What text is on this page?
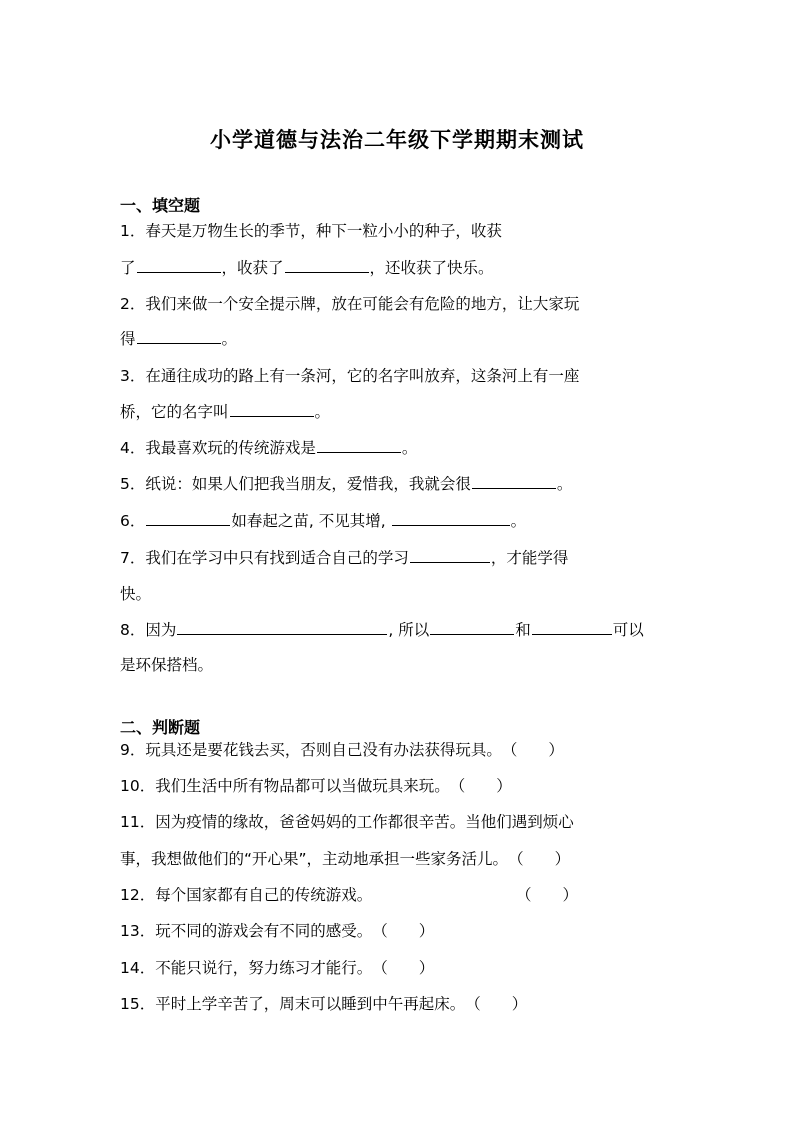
小学道德与法治二年级下学期期末测试
一、填空题
1．春天是万物生长的季节，种下一粒小小的种子，收获
了	，收获了	，还收获了快乐。
2．我们来做一个安全提示牌，放在可能会有危险的地方，让大家玩
得	。
3．在通往成功的路上有一条河，它的名字叫放弃，这条河上有一座
桥，它的名字叫	。
4．我最喜欢玩的传统游戏是	。
5．纸说：如果人们把我当朋友，爱惜我，我就会很	。
6．	如春起之苗, 不见其增,	。
7．我们在学习中只有找到适合自己的学习	，才能学得
快。
8．因为	, 所以	和	可以
是环保搭档。
二、判断题
9．玩具还是要花钱去买，否则自己没有办法获得玩具。（　　）
10．我们生活中所有物品都可以当做玩具来玩。（　　）
11．因为疫情的缘故，爸爸妈妈的工作都很辛苦。当他们遇到烦心
事，我想做他们的“开心果”，主动地承担一些家务活儿。（　　）
12．每个国家都有自己的传统游戏。	（　　）
13．玩不同的游戏会有不同的感受。（　　）
14．不能只说行，努力练习才能行。（　　）
15．平时上学辛苦了，周末可以睡到中午再起床。（　　）
